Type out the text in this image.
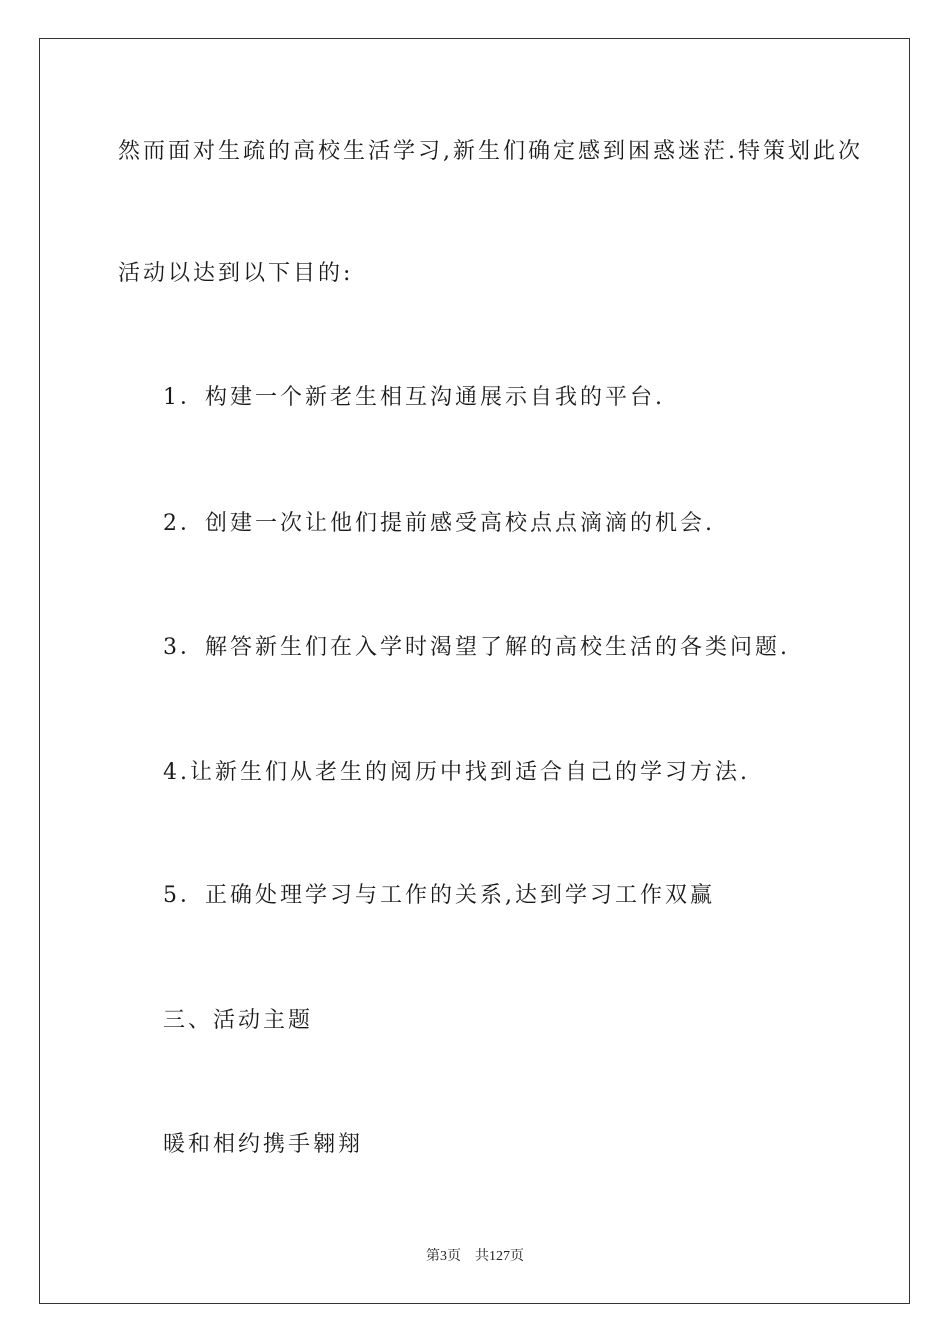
然而面对生疏的高校生活学习,新生们确定感到困惑迷茫.特策划此次
活动以达到以下目的:
1．构建一个新老生相互沟通展示自我的平台.
2．创建一次让他们提前感受高校点点滴滴的机会.
3．解答新生们在入学时渴望了解的高校生活的各类问题.
4.让新生们从老生的阅历中找到适合自己的学习方法.
5．正确处理学习与工作的关系,达到学习工作双赢
三、活动主题
暖和相约携手翱翔
第3页 共127页
